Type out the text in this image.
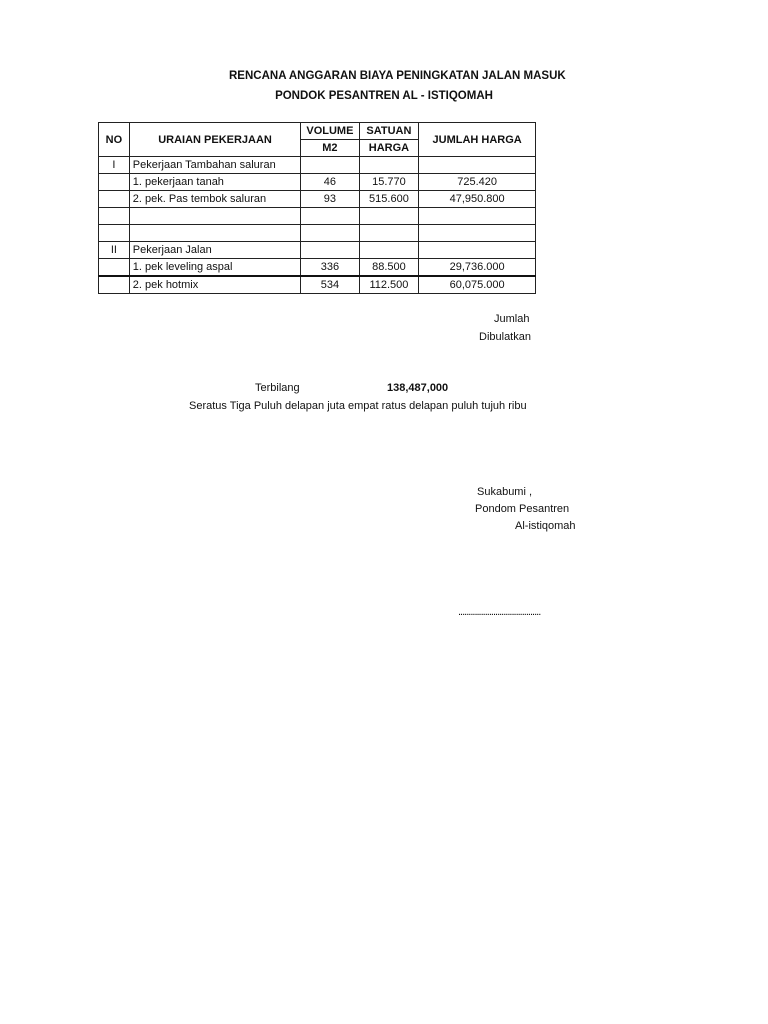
RENCANA ANGGARAN BIAYA PENINGKATAN JALAN MASUK
PONDOK PESANTREN AL - ISTIQOMAH
NO	URAIAN PEKERJAAN	VOLUME	SATUAN	JUMLAH HARGA
		M2	HARGA	
I	Pekerjaan Tambahan saluran			
	1. pekerjaan tanah	46	15.770	725.420
	2. pek. Pas tembok saluran	93	515.600	47,950.800

II	Pekerjaan Jalan			
	1. pek leveling aspal	336	88.500	29,736.000
	2. pek hotmix	534	112.500	60,075.000
Jumlah
Dibulatkan
Terbilang	138,487,000
Seratus Tiga Puluh delapan juta empat ratus delapan puluh tujuh ribu
Sukabumi ,
Pondom Pesantren
Al-istiqomah
........................................
